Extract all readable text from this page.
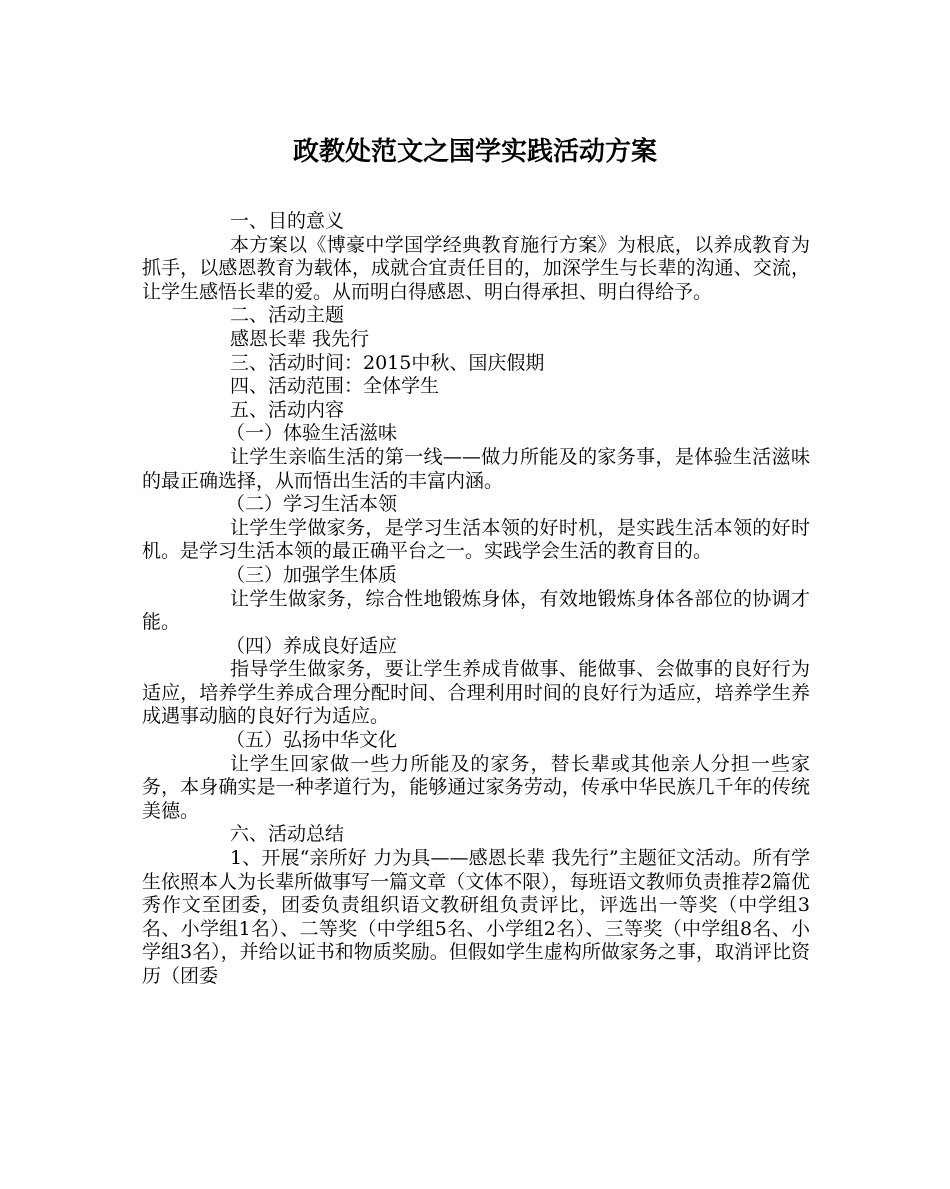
政教处范文之国学实践活动方案

一、目的意义

本方案以《博豪中学国学经典教育施行方案》为根底，以养成教育为抓手，以感恩教育为载体，成就合宜责任目的，加深学生与长辈的沟通、交流，让学生感悟长辈的爱。从而明白得感恩、明白得承担、明白得给予。

二、活动主题

感恩长辈 我先行

三、活动时间：2015中秋、国庆假期

四、活动范围：全体学生

五、活动内容

（一）体验生活滋味

让学生亲临生活的第一线——做力所能及的家务事，是体验生活滋味的最正确选择，从而悟出生活的丰富内涵。

（二）学习生活本领

让学生学做家务，是学习生活本领的好时机，是实践生活本领的好时机。是学习生活本领的最正确平台之一。实践学会生活的教育目的。

（三）加强学生体质

让学生做家务，综合性地锻炼身体，有效地锻炼身体各部位的协调才能。

（四）养成良好适应

指导学生做家务，要让学生养成肯做事、能做事、会做事的良好行为适应，培养学生养成合理分配时间、合理利用时间的良好行为适应，培养学生养成遇事动脑的良好行为适应。

（五）弘扬中华文化

让学生回家做一些力所能及的家务，替长辈或其他亲人分担一些家务，本身确实是一种孝道行为，能够通过家务劳动，传承中华民族几千年的传统美德。

六、活动总结

1、开展“亲所好 力为具——感恩长辈 我先行”主题征文活动。所有学生依照本人为长辈所做事写一篇文章（文体不限），每班语文教师负责推荐2篇优秀作文至团委，团委负责组织语文教研组负责评比，评选出一等奖（中学组3名、小学组1名）、二等奖（中学组5名、小学组2名）、三等奖（中学组8名、小学组3名），并给以证书和物质奖励。但假如学生虚构所做家务之事，取消评比资历（团委
